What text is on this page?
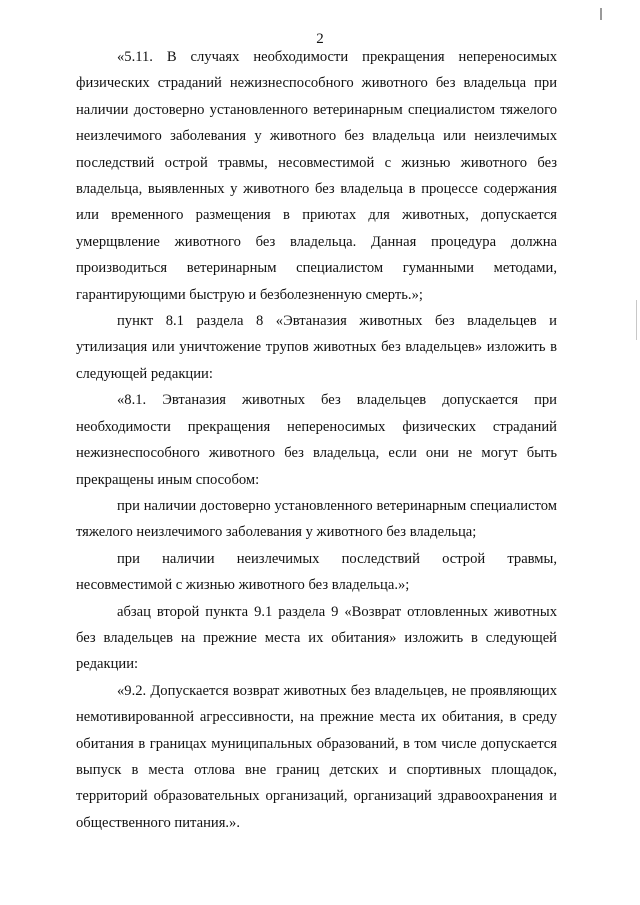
2

«5.11. В случаях необходимости прекращения непереносимых физических страданий нежизнеспособного животного без владельца при наличии достоверно установленного ветеринарным специалистом тяжелого неизлечимого заболевания у животного без владельца или неизлечимых последствий острой травмы, несовместимой с жизнью животного без владельца, выявленных у животного без владельца в процессе содержания или временного размещения в приютах для животных, допускается умерщвление животного без владельца. Данная процедура должна производиться ветеринарным специалистом гуманными методами, гарантирующими быструю и безболезненную смерть.»;

пункт 8.1 раздела 8 «Эвтаназия животных без владельцев и утилизация или уничтожение трупов животных без владельцев» изложить в следующей редакции:

«8.1. Эвтаназия животных без владельцев допускается при необходимости прекращения непереносимых физических страданий нежизнеспособного животного без владельца, если они не могут быть прекращены иным способом:

при наличии достоверно установленного ветеринарным специалистом тяжелого неизлечимого заболевания у животного без владельца;

при наличии неизлечимых последствий острой травмы, несовместимой с жизнью животного без владельца.»;

абзац второй пункта 9.1 раздела 9 «Возврат отловленных животных без владельцев на прежние места их обитания» изложить в следующей редакции:

«9.2. Допускается возврат животных без владельцев, не проявляющих немотивированной агрессивности, на прежние места их обитания, в среду обитания в границах муниципальных образований, в том числе допускается выпуск в места отлова вне границ детских и спортивных площадок, территорий образовательных организаций, организаций здравоохранения и общественного питания.».
